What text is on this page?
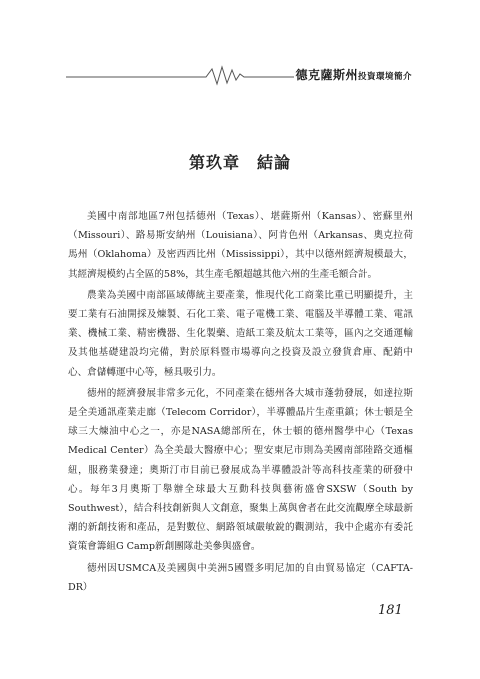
德克薩斯州投資環境簡介
第玖章　結論

美國中南部地區7州包括德州（Texas）、堪薩斯州（Kansas）、密蘇里州（Missouri）、路易斯安納州（Louisiana）、阿肯色州（Arkansas、奧克拉荷馬州（Oklahoma）及密西西比州（Mississippi），其中以德州經濟規模最大，其經濟規模約占全區的58%，其生產毛額超越其他六州的生產毛額合計。

農業為美國中南部區域傳統主要產業，惟現代化工商業比重已明顯提升，主要工業有石油開採及煉製、石化工業、電子電機工業、電腦及半導體工業、電訊業、機械工業、精密機器、生化製藥、造紙工業及航太工業等，區內之交通運輸及其他基礎建設均完備，對於原料暨市場導向之投資及設立發貨倉庫、配銷中心、倉儲轉運中心等，極具吸引力。

德州的經濟發展非常多元化，不同產業在德州各大城市蓬勃發展，如達拉斯是全美通訊產業走廊（Telecom Corridor），半導體晶片生產重鎮；休士頓是全球三大煉油中心之一，亦是NASA總部所在，休士頓的德州醫學中心（Texas Medical Center）為全美最大醫療中心；聖安東尼市則為美國南部陸路交通樞紐，服務業發達；奧斯汀市目前已發展成為半導體設計等高科技產業的研發中心。每年3月奧斯丁舉辦全球最大互動科技與藝術盛會SXSW（South by Southwest），結合科技創新與人文創意，聚集上萬與會者在此交流觀摩全球最新潮的新創技術和產品，是對數位、網路領域嚴敏銳的觀測站，我中企處亦有委託資策會籌組G Camp新創團隊赴美參與盛會。

德州因USMCA及美國與中美洲5國暨多明尼加的自由貿易協定（CAFTA-DR）

181
